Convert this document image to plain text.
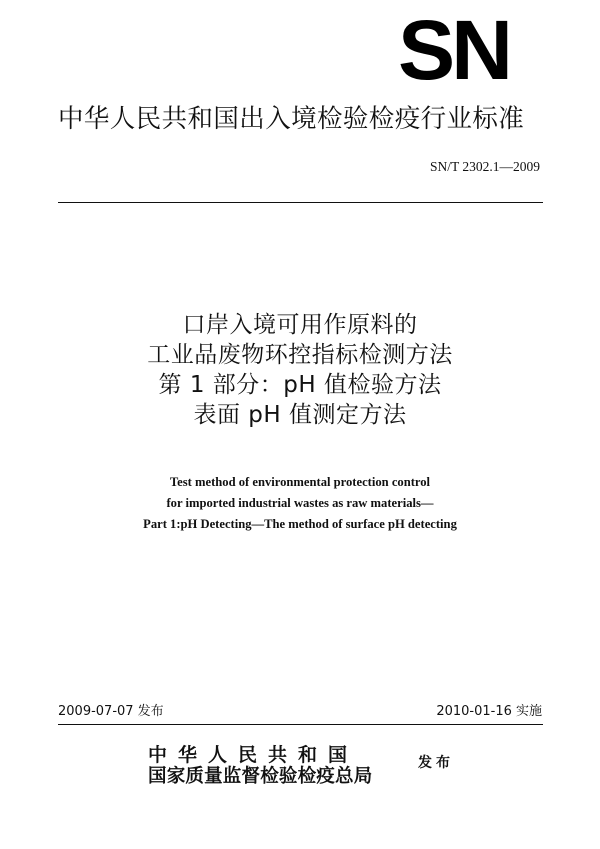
SN
中华人民共和国出入境检验检疫行业标准
SN/T 2302.1—2009
口岸入境可用作原料的
工业品废物环控指标检测方法
第 1 部分：pH 值检验方法
表面 pH 值测定方法
Test method of environmental protection control
for imported industrial wastes as raw materials—
Part 1:pH Detecting—The method of surface pH detecting
2009-07-07 发布	2010-01-16 实施
中华人民共和国
国家质量监督检验检疫总局
发布
